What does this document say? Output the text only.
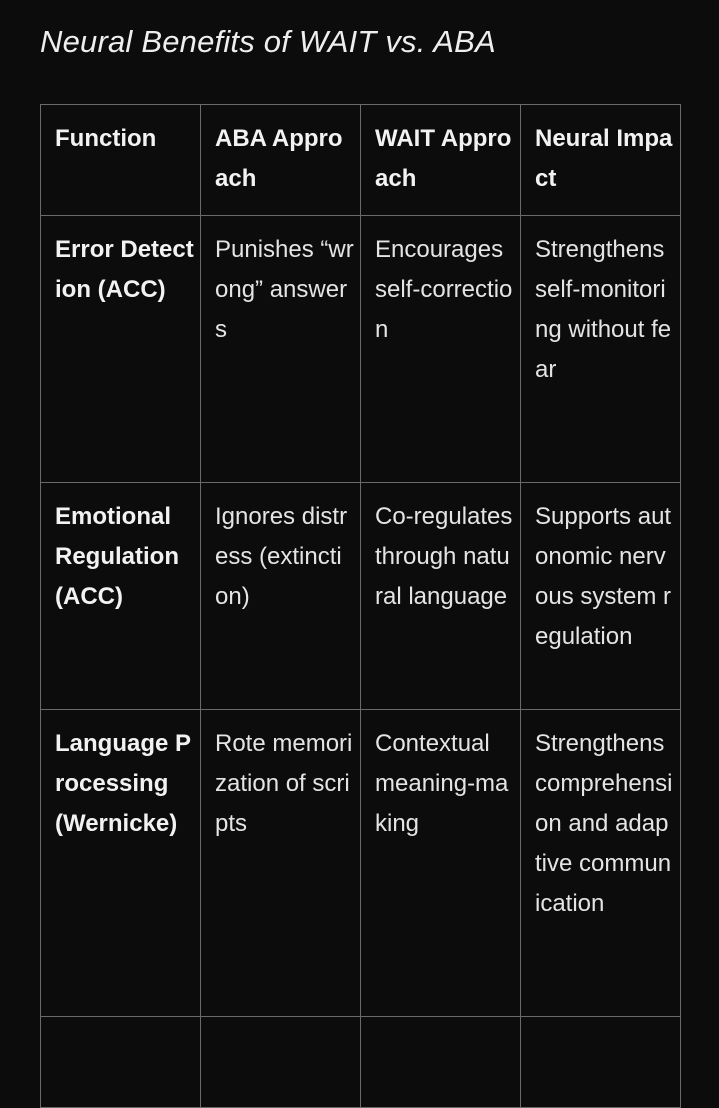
Neural Benefits of WAIT vs. ABA
Function	ABA Approach	WAIT Approach	Neural Impact
Error Detection (ACC)	Punishes “wrong” answers	Encourages self-correction	Strengthens self-monitoring without fear
Emotional Regulation (ACC)	Ignores distress (extinction)	Co-regulates through natural language	Supports autonomic nervous system regulation
Language Processing (Wernicke)	Rote memorization of scripts	Contextual meaning-making	Strengthens comprehension and adaptive communication
